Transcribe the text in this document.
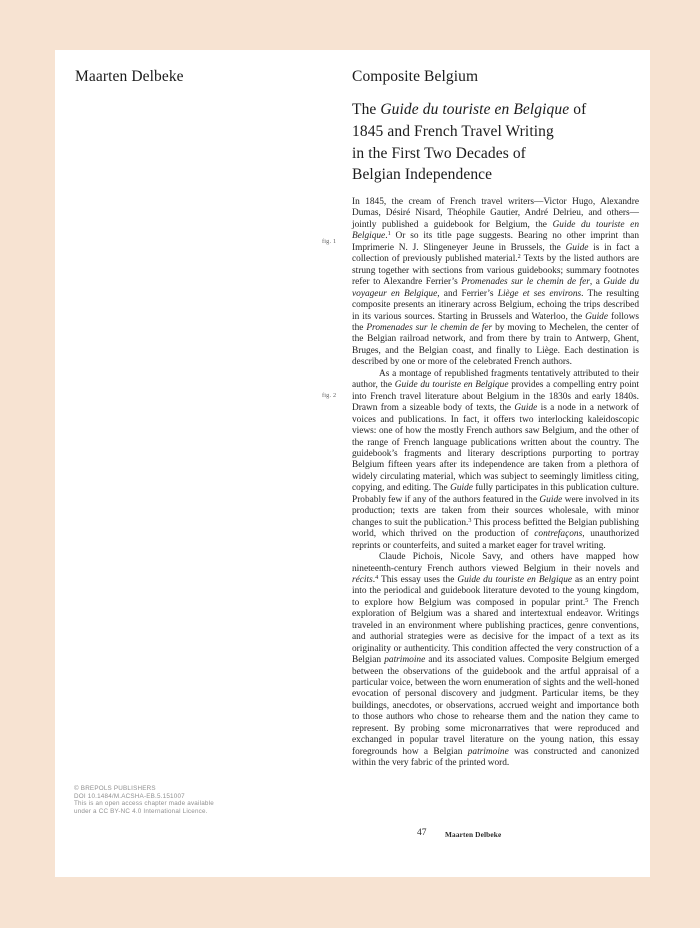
Maarten Delbeke	Composite Belgium
The Guide du touriste en Belgique of
1845 and French Travel Writing
in the First Two Decades of
Belgian Independence
fig. 1
fig. 2

In 1845, the cream of French travel writers—Victor Hugo, Alexandre Dumas, Désiré Nisard, Théophile Gautier, André Delrieu, and others—jointly published a guidebook for Belgium, the Guide du touriste en Belgique.$^1$ Or so its title page suggests. Bearing no other imprint than Imprimerie N. J. Slingeneyer Jeune in Brussels, the Guide is in fact a collection of previously published material.$^2$ Texts by the listed authors are strung together with sections from various guidebooks; summary footnotes refer to Alexandre Ferrier’s Promenades sur le chemin de fer, a Guide du voyageur en Belgique, and Ferrier’s Liège et ses environs. The resulting composite presents an itinerary across Belgium, echoing the trips described in its various sources. Starting in Brussels and Waterloo, the Guide follows the Promenades sur le chemin de fer by moving to Mechelen, the center of the Belgian railroad network, and from there by train to Antwerp, Ghent, Bruges, and the Belgian coast, and finally to Liège. Each destination is described by one or more of the celebrated French authors.

As a montage of republished fragments tentatively attributed to their author, the Guide du touriste en Belgique provides a compelling entry point into French travel literature about Belgium in the 1830s and early 1840s. Drawn from a sizeable body of texts, the Guide is a node in a network of voices and publications. In fact, it offers two interlocking kaleidoscopic views: one of how the mostly French authors saw Belgium, and the other of the range of French language publications written about the country. The guidebook’s fragments and literary descriptions purporting to portray Belgium fifteen years after its independence are taken from a plethora of widely circulating material, which was subject to seemingly limitless citing, copying, and editing. The Guide fully participates in this publication culture. Probably few if any of the authors featured in the Guide were involved in its production; texts are taken from their sources wholesale, with minor changes to suit the publication.$^3$ This process befitted the Belgian publishing world, which thrived on the production of contrefaçons, unauthorized reprints or counterfeits, and suited a market eager for travel writing.

Claude Pichois, Nicole Savy, and others have mapped how nineteenth-century French authors viewed Belgium in their novels and récits.$^4$ This essay uses the Guide du touriste en Belgique as an entry point into the periodical and guidebook literature devoted to the young kingdom, to explore how Belgium was composed in popular print.$^5$ The French exploration of Belgium was a shared and intertextual endeavor. Writings traveled in an environment where publishing practices, genre conventions, and authorial strategies were as decisive for the impact of a text as its originality or authenticity. This condition affected the very construction of a Belgian patrimoine and its associated values. Composite Belgium emerged between the observations of the guidebook and the artful appraisal of a particular voice, between the worn enumeration of sights and the well-honed evocation of personal discovery and judgment. Particular items, be they buildings, anecdotes, or observations, accrued weight and importance both to those authors who chose to rehearse them and the nation they came to represent. By probing some micronarratives that were reproduced and exchanged in popular travel literature on the young nation, this essay foregrounds how a Belgian patrimoine was constructed and canonized within the very fabric of the printed word.

© BREPOLS PUBLISHERS
DOI 10.1484/M.ACSHA-EB.5.151007
This is an open access chapter made available
under a CC BY-NC 4.0 International Licence.
47	Maarten Delbeke
